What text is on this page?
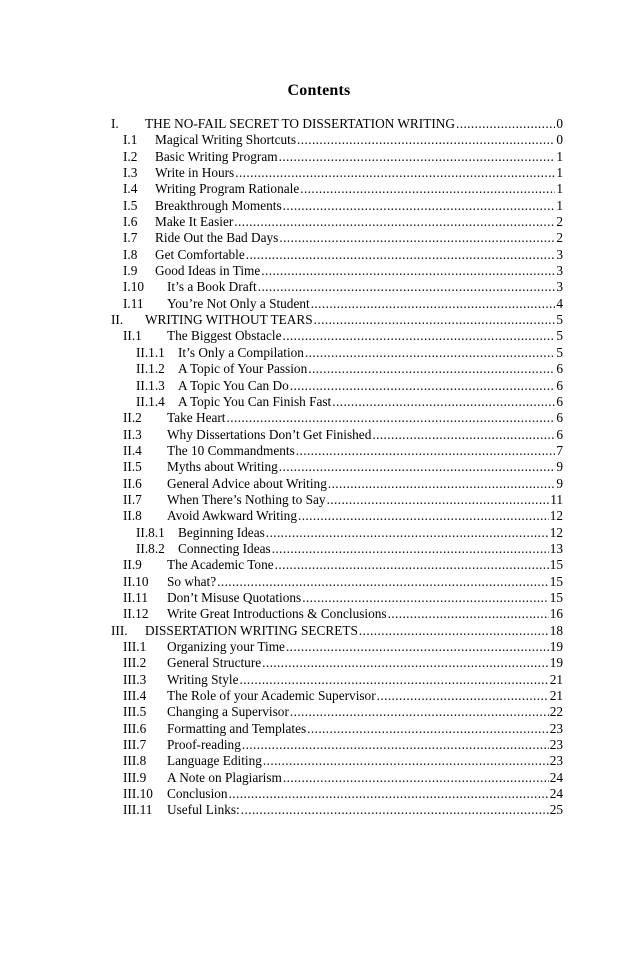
Contents
I.	THE NO-FAIL SECRET TO DISSERTATION WRITING .....	0
I.1	Magical Writing Shortcuts .....	0
I.2	Basic Writing Program .....	1
I.3	Write in Hours .....	1
I.4	Writing Program Rationale .....	1
I.5	Breakthrough Moments .....	1
I.6	Make It Easier .....	2
I.7	Ride Out the Bad Days .....	2
I.8	Get Comfortable .....	3
I.9	Good Ideas in Time .....	3
I.10	It’s a Book Draft .....	3
I.11	You’re Not Only a Student .....	4
II.	WRITING WITHOUT TEARS .....	5
II.1	The Biggest Obstacle .....	5
II.1.1 It’s Only a Compilation .....	5
II.1.2 A Topic of Your Passion .....	6
II.1.3 A Topic You Can Do .....	6
II.1.4 A Topic You Can Finish Fast .....	6
II.2	Take Heart .....	6
II.3	Why Dissertations Don’t Get Finished .....	6
II.4	The 10 Commandments .....	7
II.5	Myths about Writing .....	9
II.6	General Advice about Writing .....	9
II.7	When There’s Nothing to Say .....	11
II.8	Avoid Awkward Writing .....	12
II.8.1 Beginning Ideas .....	12
II.8.2 Connecting Ideas .....	13
II.9	The Academic Tone .....	15
II.10	So what? .....	15
II.11	Don’t Misuse Quotations .....	15
II.12	Write Great Introductions & Conclusions .....	16
III.	DISSERTATION WRITING SECRETS .....	18
III.1	Organizing your Time .....	19
III.2	General Structure .....	19
III.3	Writing Style .....	21
III.4	The Role of your Academic Supervisor .....	21
III.5	Changing a Supervisor .....	22
III.6	Formatting and Templates .....	23
III.7	Proof-reading .....	23
III.8	Language Editing .....	23
III.9	A Note on Plagiarism .....	24
III.10	Conclusion .....	24
III.11	Useful Links: .....	25
